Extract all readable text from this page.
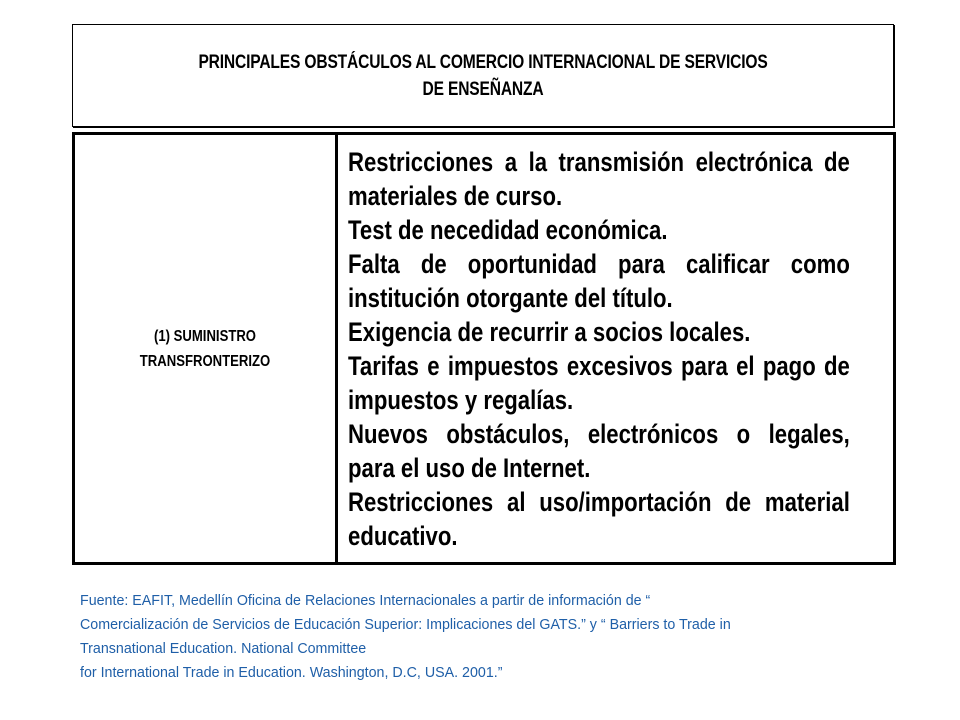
PRINCIPALES OBSTÁCULOS AL COMERCIO INTERNACIONAL DE SERVICIOS
DE ENSEÑANZA
(1) SUMINISTRO
TRANSFRONTERIZO
Restricciones a la transmisión electrónica de materiales de curso.
Test de necedidad económica.
Falta de oportunidad para calificar como institución otorgante del título.
Exigencia de recurrir a socios locales.
Tarifas e impuestos excesivos para el pago de impuestos y regalías.
Nuevos obstáculos, electrónicos o legales, para el uso de Internet.
Restricciones al uso/importación de material educativo.
Fuente: EAFIT, Medellín Oficina de Relaciones Internacionales a partir de información de “
Comercialización de Servicios de Educación Superior: Implicaciones del GATS.” y “ Barriers to Trade in
Transnational Education. National Committee
for International Trade in Education. Washington, D.C, USA. 2001.”
